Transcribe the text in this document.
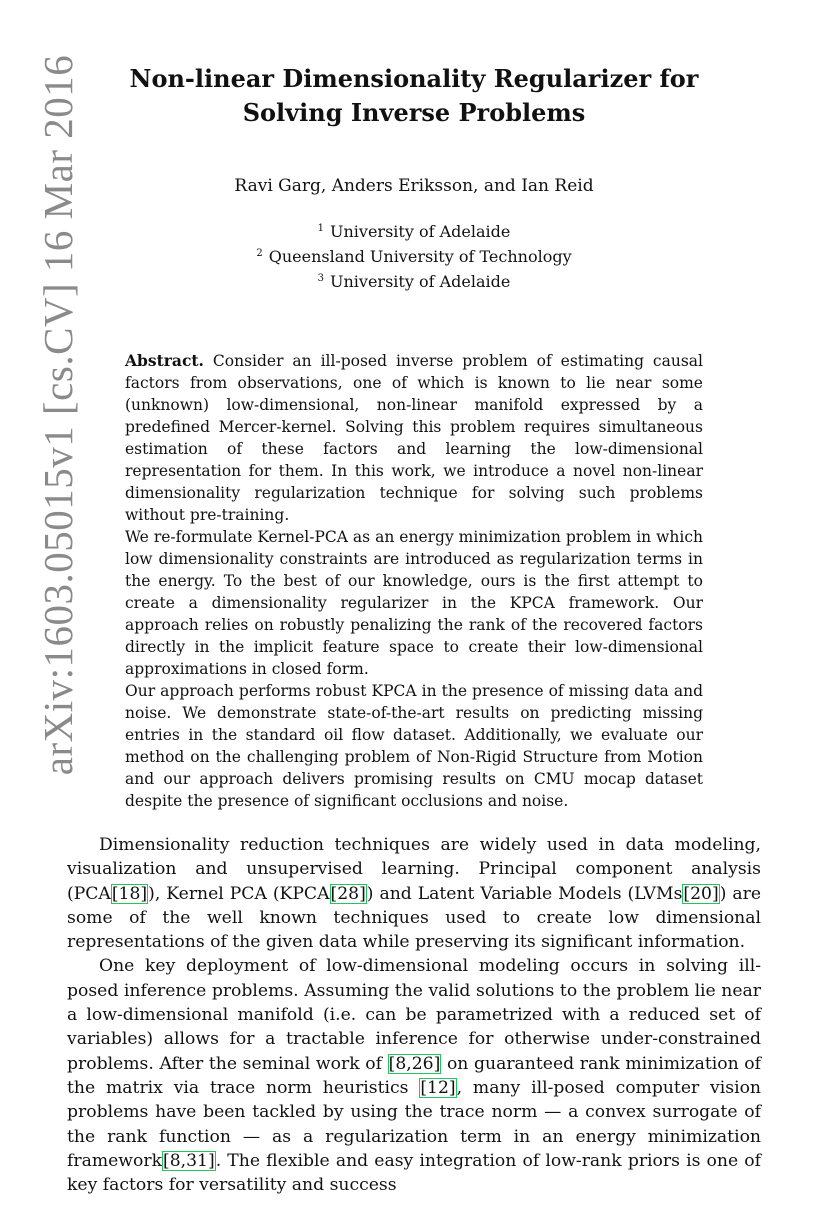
arXiv:1603.05015v1 [cs.CV] 16 Mar 2016	Non-linear Dimensionality Regularizer for
Solving Inverse Problems

Ravi Garg, Anders Eriksson, and Ian Reid

$^1$ University of Adelaide
$^2$ Queensland University of Technology
$^3$ University of Adelaide

Abstract. Consider an ill-posed inverse problem of estimating causal factors from observations, one of which is known to lie near some (unknown) low-dimensional, non-linear manifold expressed by a predefined Mercer-kernel. Solving this problem requires simultaneous estimation of these factors and learning the low-dimensional representation for them. In this work, we introduce a novel non-linear dimensionality regularization technique for solving such problems without pre-training.

We re-formulate Kernel-PCA as an energy minimization problem in which low dimensionality constraints are introduced as regularization terms in the energy. To the best of our knowledge, ours is the first attempt to create a dimensionality regularizer in the KPCA framework. Our approach relies on robustly penalizing the rank of the recovered factors directly in the implicit feature space to create their low-dimensional approximations in closed form.

Our approach performs robust KPCA in the presence of missing data and noise. We demonstrate state-of-the-art results on predicting missing entries in the standard oil flow dataset. Additionally, we evaluate our method on the challenging problem of Non-Rigid Structure from Motion and our approach delivers promising results on CMU mocap dataset despite the presence of significant occlusions and noise.

Dimensionality reduction techniques are widely used in data modeling, visualization and unsupervised learning. Principal component analysis (PCA[18]), Kernel PCA (KPCA[28]) and Latent Variable Models (LVMs[20]) are some of the well known techniques used to create low dimensional representations of the given data while preserving its significant information.

One key deployment of low-dimensional modeling occurs in solving ill-posed inference problems. Assuming the valid solutions to the problem lie near a low-dimensional manifold (i.e. can be parametrized with a reduced set of variables) allows for a tractable inference for otherwise under-constrained problems. After the seminal work of [8,26] on guaranteed rank minimization of the matrix via trace norm heuristics [12], many ill-posed computer vision problems have been tackled by using the trace norm — a convex surrogate of the rank function — as a regularization term in an energy minimization framework[8,31]. The flexible and easy integration of low-rank priors is one of key factors for versatility and success
